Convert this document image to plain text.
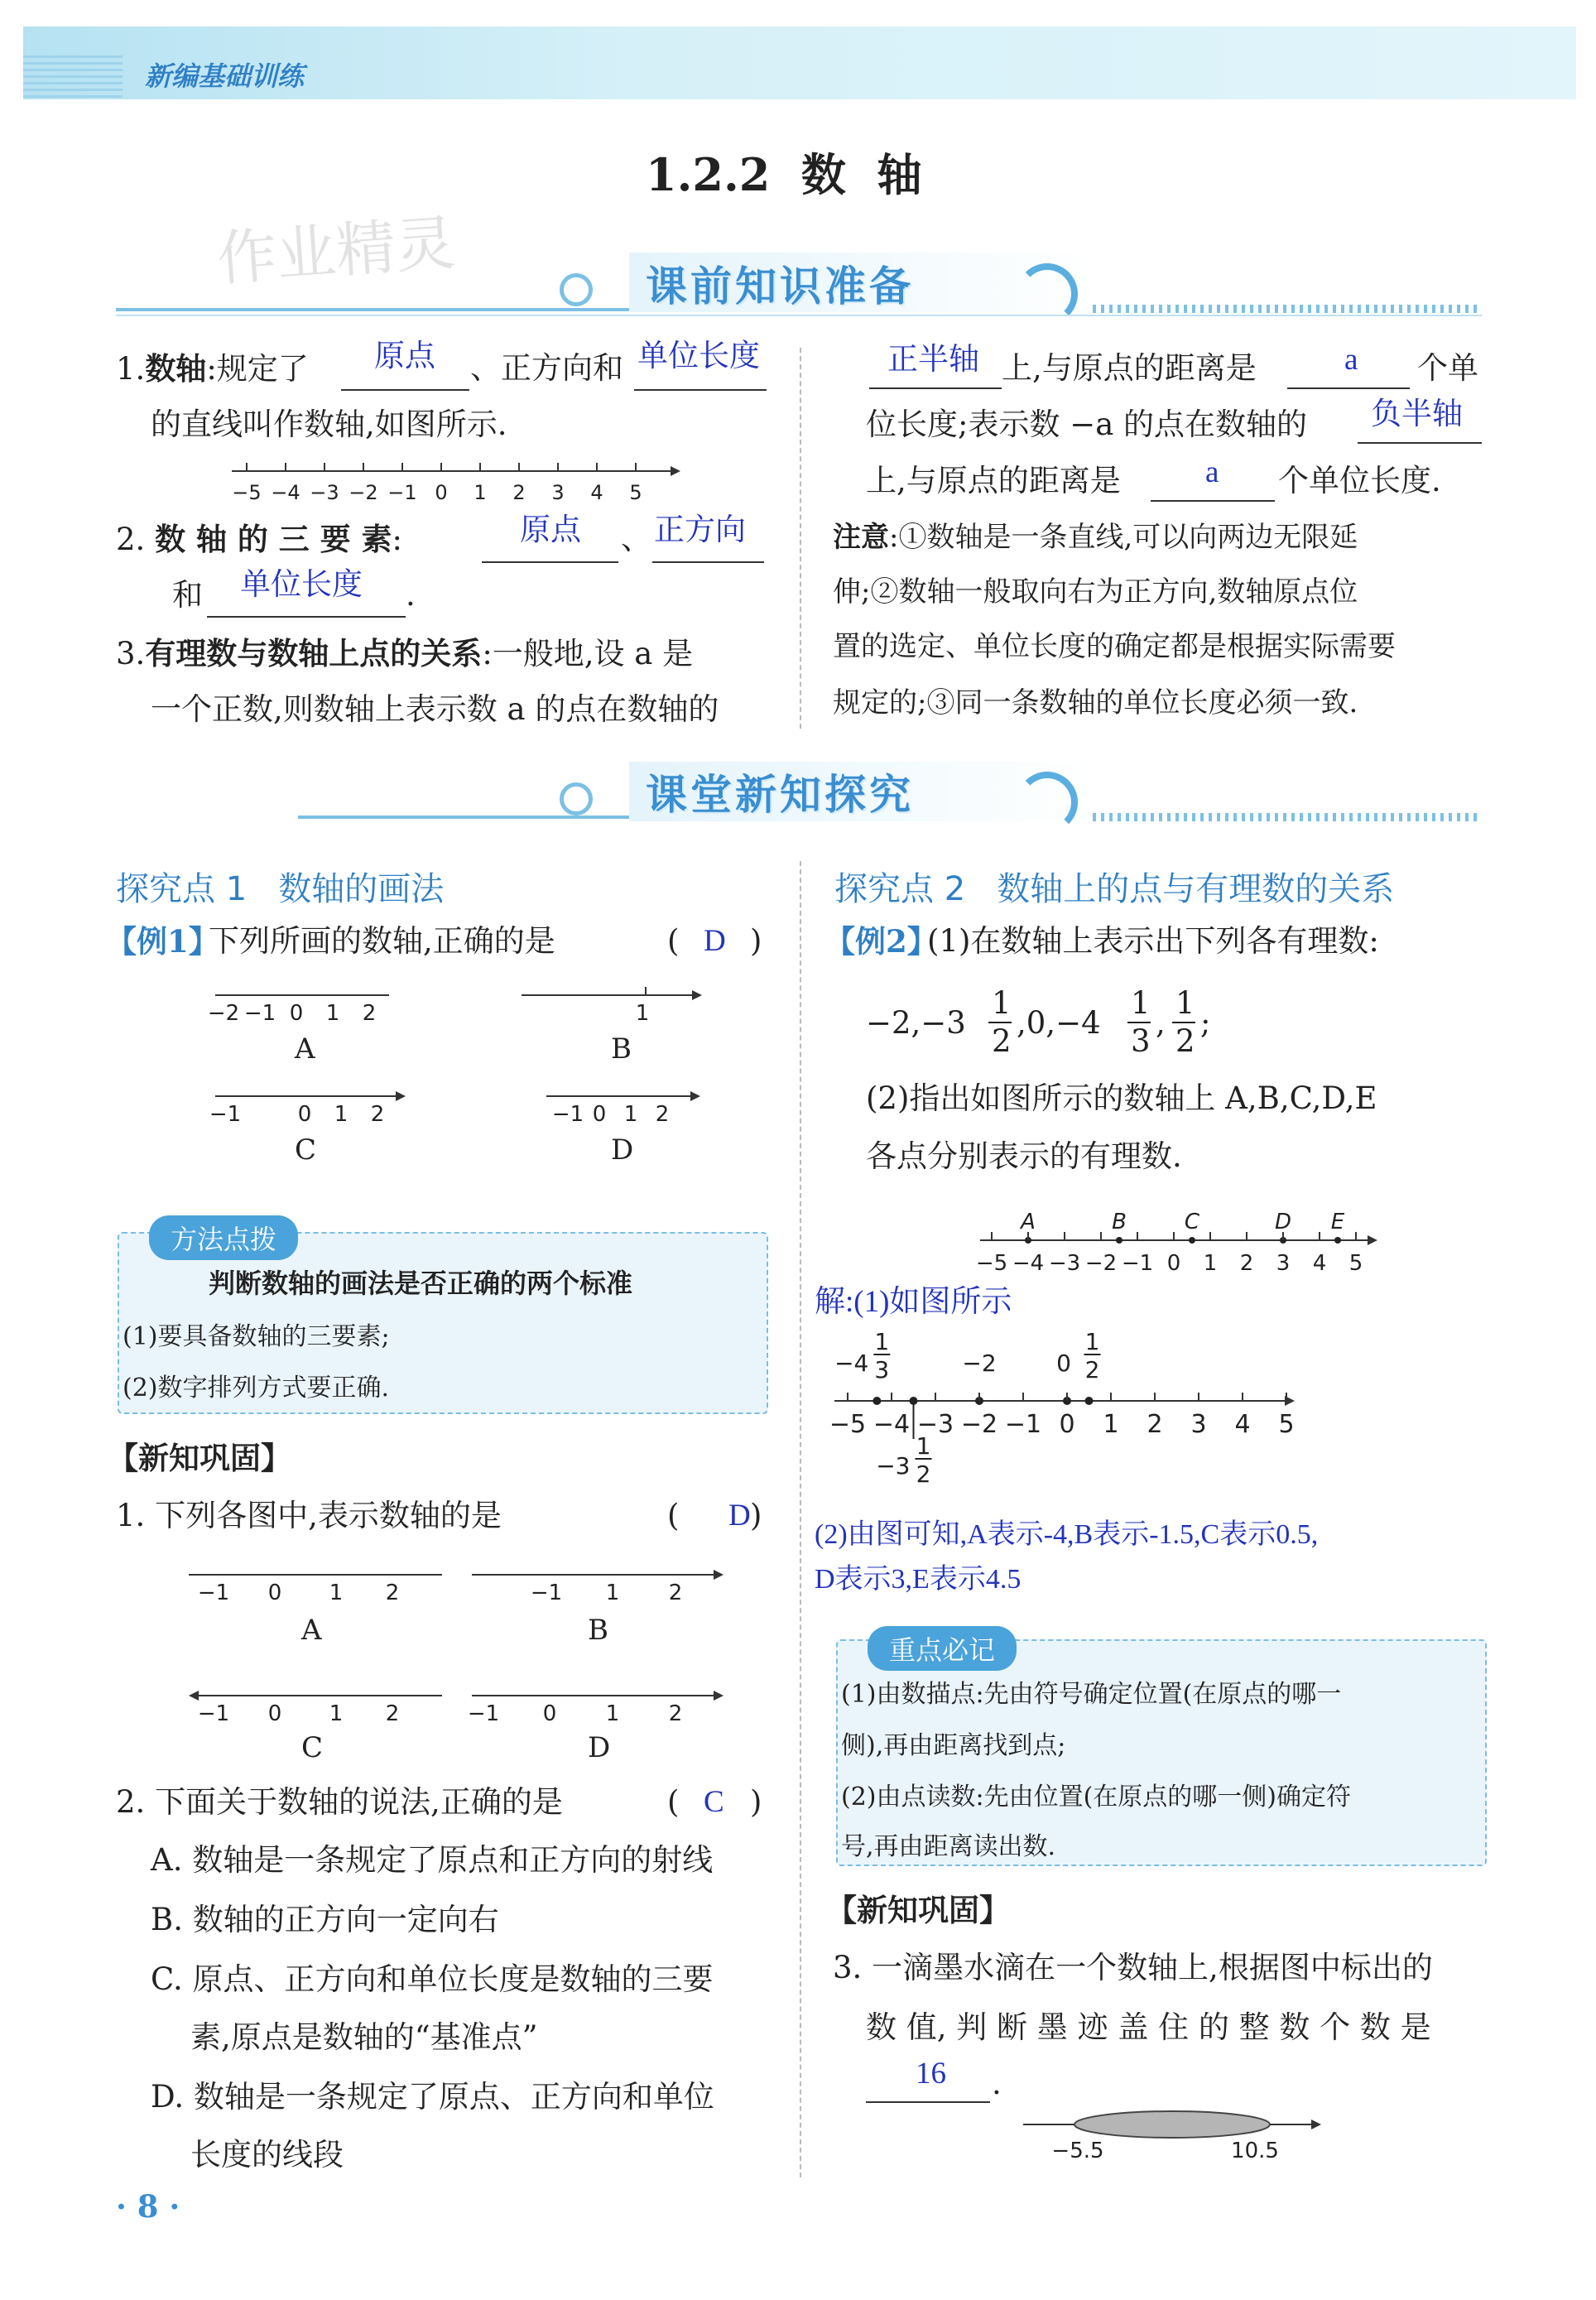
新编基础训练
1.2.2  数  轴
作业精灵	课前知识准备
1.数轴:规定了 原点 、正方向和 单位长度
的直线叫作数轴,如图所示.
−5 −4 −3 −2 −1 0 1 2 3 4 5
2. 数 轴 的 三 要 素:	原点 、 正方向
和 单位长度 .
3.有理数与数轴上点的关系:一般地,设 a 是
一个正数,则数轴上表示数 a 的点在数轴的
正半轴 上,与原点的距离是	a 个单
位长度;表示数 −a 的点在数轴的 负半轴
上,与原点的距离是	a 个单位长度.
注意:①数轴是一条直线,可以向两边无限延
伸;②数轴一般取向右为正方向,数轴原点位
置的选定、单位长度的确定都是根据实际需要
规定的;③同一条数轴的单位长度必须一致.
课堂新知探究
探究点 1   数轴的画法
【例1】
下列所画的数轴,正确的是	( D )
−2 −1 0 1 2
A
1
B
−1	0 1 2
C
−1 0 1 2
D
方法点拨
判断数轴的画法是否正确的两个标准
(1)要具备数轴的三要素;
(2)数字排列方式要正确.
【新知巩固】
1. 下列各图中,表示数轴的是	( D )
−1 0 1 2
A
−1 1 2
B
−1 0 1 2
C
−1 0 1 2
D
2. 下面关于数轴的说法,正确的是	( C )
A. 数轴是一条规定了原点和正方向的射线
B. 数轴的正方向一定向右
C. 原点、正方向和单位长度是数轴的三要
素,原点是数轴的“基准点”
D. 数轴是一条规定了原点、正方向和单位
长度的线段
探究点 2   数轴上的点与有理数的关系
【例2】
(1)在数轴上表示出下列各有理数:
−2,−3
1
2
,0,−4
1
3
,
1
2
;
(2)指出如图所示的数轴上 A,B,C,D,E
各点分别表示的有理数.
A	B	C	D E
−5 −4 −3 −2 −1 0 1 2 3 4 5
解:(1)如图所示
−4
1
3	−2	0
1
2
−3
1
2
−5 −4 −3 −2 −1 0 1 2 3 4 5
(2)由图可知,A表示-4,B表示-1.5,C表示0.5,
D表示3,E表示4.5
重点必记
(1)由数描点:先由符号确定位置(在原点的哪一
侧),再由距离找到点;
(2)由点读数:先由位置(在原点的哪一侧)确定符
号,再由距离读出数.
【新知巩固】
3. 一滴墨水滴在一个数轴上,根据图中标出的
数 值, 判 断 墨 迹 盖 住 的 整 数 个 数 是
16 .
−5.5	10.5
· 8 ·
